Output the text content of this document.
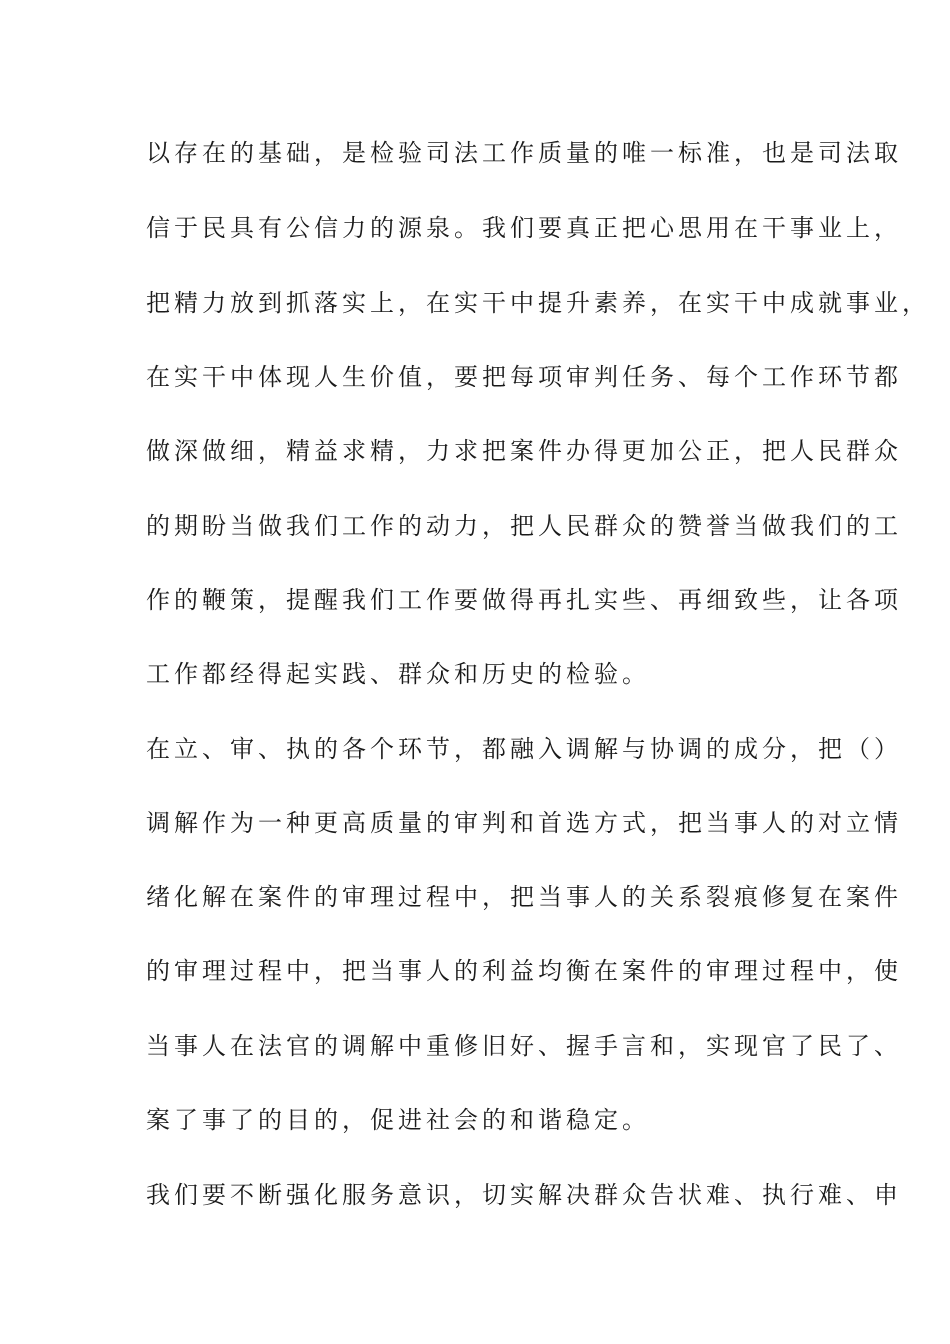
以存在的基础，是检验司法工作质量的唯一标准，也是司法取
信于民具有公信力的源泉。我们要真正把心思用在干事业上，
把精力放到抓落实上，在实干中提升素养，在实干中成就事业，
在实干中体现人生价值，要把每项审判任务、每个工作环节都
做深做细，精益求精，力求把案件办得更加公正，把人民群众
的期盼当做我们工作的动力，把人民群众的赞誉当做我们的工
作的鞭策，提醒我们工作要做得再扎实些、再细致些，让各项
工作都经得起实践、群众和历史的检验。
在立、审、执的各个环节，都融入调解与协调的成分，把（）
调解作为一种更高质量的审判和首选方式，把当事人的对立情
绪化解在案件的审理过程中，把当事人的关系裂痕修复在案件
的审理过程中，把当事人的利益均衡在案件的审理过程中，使
当事人在法官的调解中重修旧好、握手言和，实现官了民了、
案了事了的目的，促进社会的和谐稳定。
我们要不断强化服务意识，切实解决群众告状难、执行难、申
